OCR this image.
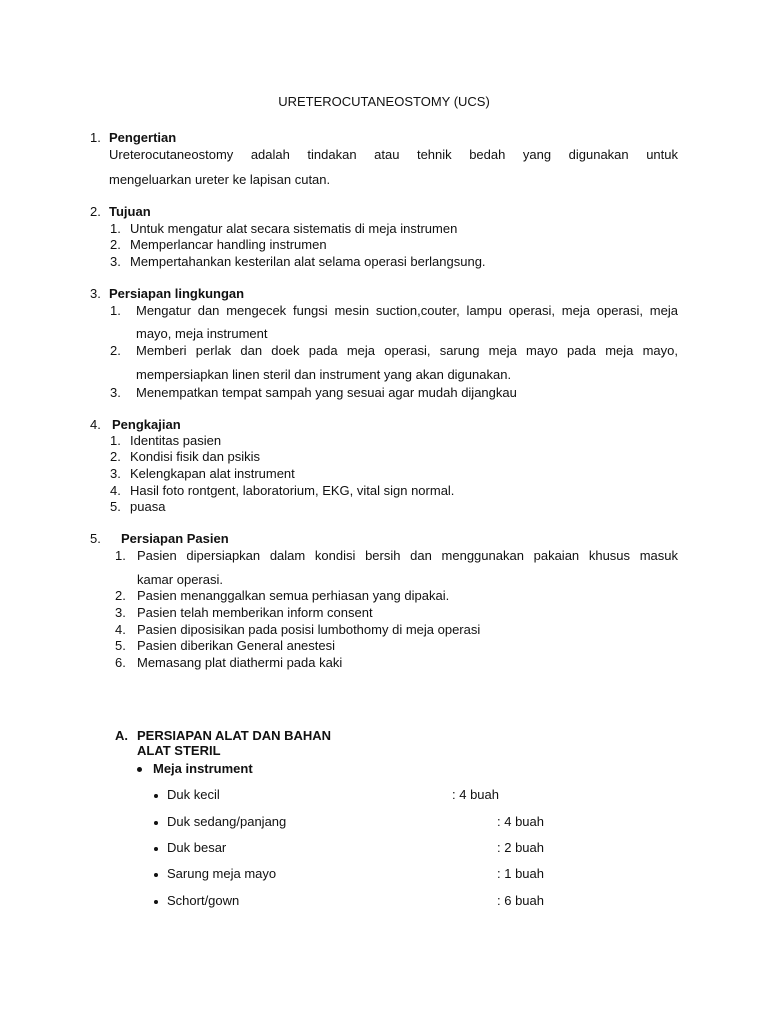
URETEROCUTANEOSTOMY (UCS)
1. Pengertian
Ureterocutaneostomy adalah tindakan atau tehnik bedah yang digunakan untuk
mengeluarkan ureter ke lapisan cutan.
2. Tujuan
1. Untuk mengatur alat secara sistematis di meja instrumen
2. Memperlancar handling instrumen
3. Mempertahankan kesterilan alat selama operasi berlangsung.
3. Persiapan lingkungan
1. Mengatur dan mengecek fungsi mesin suction,couter, lampu operasi, meja operasi, meja
mayo, meja instrument
2. Memberi perlak dan doek pada meja operasi, sarung meja mayo pada meja mayo,
mempersiapkan linen steril dan instrument yang akan digunakan.
3. Menempatkan tempat sampah yang sesuai agar mudah dijangkau
4. Pengkajian
1. Identitas pasien
2. Kondisi fisik dan psikis
3. Kelengkapan alat instrument
4. Hasil foto rontgent, laboratorium, EKG, vital sign normal.
5. puasa
5. Persiapan Pasien
1. Pasien dipersiapkan dalam kondisi bersih dan menggunakan pakaian khusus masuk
kamar operasi.
2. Pasien menanggalkan semua perhiasan yang dipakai.
3. Pasien telah memberikan inform consent
4. Pasien diposisikan pada posisi lumbothomy di meja operasi
5. Pasien diberikan General anestesi
6. Memasang plat diathermi pada kaki
A. PERSIAPAN ALAT DAN BAHAN
ALAT STERIL
Meja instrument
Duk kecil	: 4 buah
Duk sedang/panjang	: 4 buah
Duk besar	: 2 buah
Sarung meja mayo	: 1 buah
Schort/gown	: 6 buah
